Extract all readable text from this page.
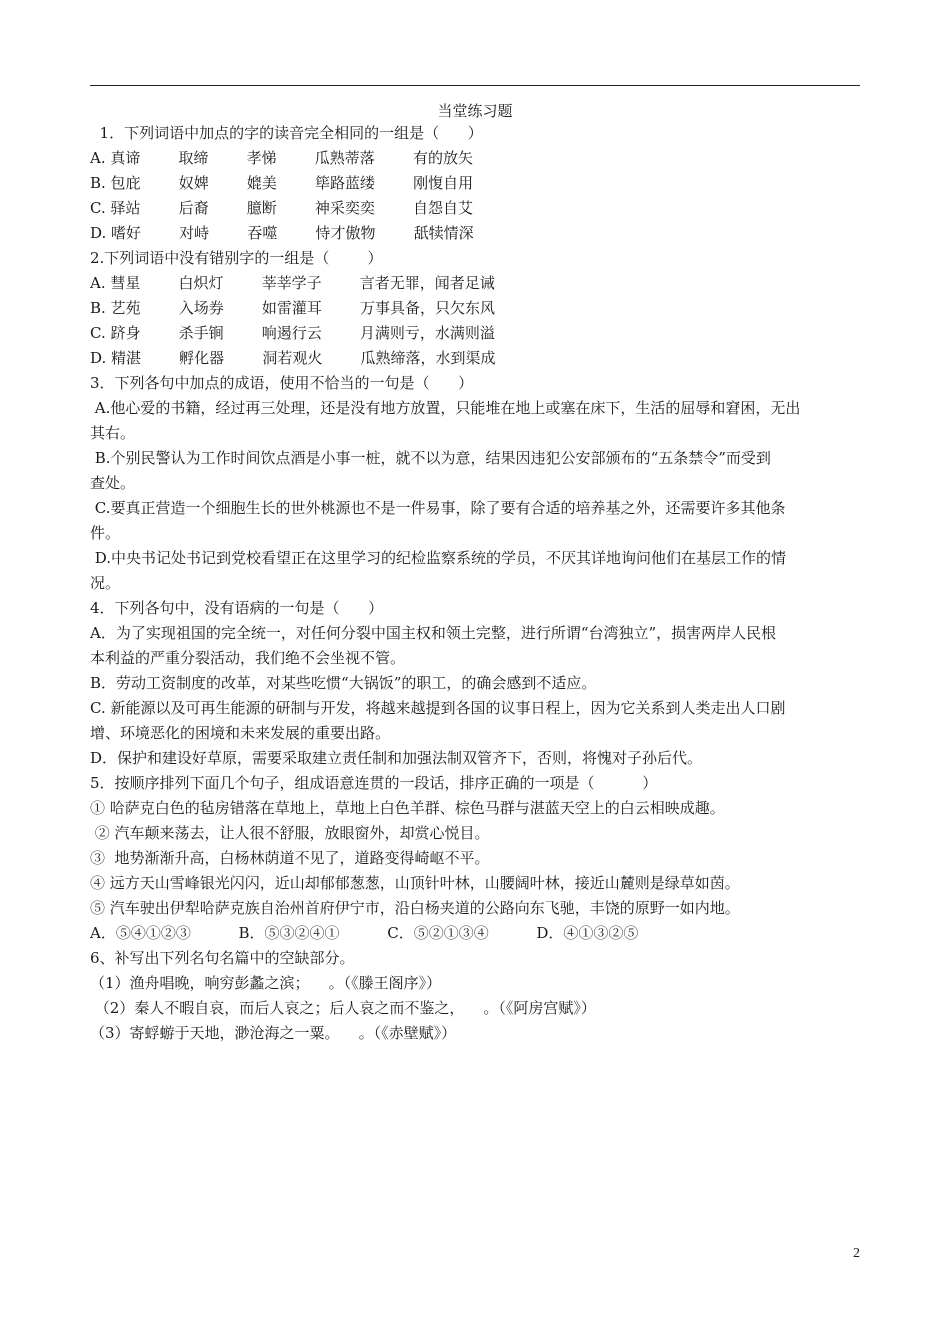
当堂练习题
1．下列词语中加点的字的读音完全相同的一组是（      ）
A. 真谛        取缔        孝悌        瓜熟蒂落        有的放矢
B. 包庇        奴婢        媲美        筚路蓝缕        刚愎自用
C. 驿站        后裔        臆断        神采奕奕        自怨自艾
D. 嗜好        对峙        吞噬        恃才傲物        舐犊情深
2.下列词语中没有错别字的一组是（        ）
A. 彗星        白炽灯        莘莘学子        言者无罪，闻者足诫
B. 艺苑        入场券        如雷灌耳        万事具备，只欠东风
C. 跻身        杀手锏        响遏行云        月满则亏，水满则溢
D. 精湛        孵化器        洞若观火        瓜熟缔落，水到渠成
3．下列各句中加点的成语，使用不恰当的一句是（      ）
A.他心爱的书籍，经过再三处理，还是没有地方放置，只能堆在地上或塞在床下，生活的屈辱和窘困，无出
其右。
B.个别民警认为工作时间饮点酒是小事一桩，就不以为意，结果因违犯公安部颁布的“五条禁令”而受到
查处。
C.要真正营造一个细胞生长的世外桃源也不是一件易事，除了要有合适的培养基之外，还需要许多其他条
件。
D.中央书记处书记到党校看望正在这里学习的纪检监察系统的学员，不厌其详地询问他们在基层工作的情
况。
4．下列各句中，没有语病的一句是（      ）
A．为了实现祖国的完全统一，对任何分裂中国主权和领土完整，进行所谓“台湾独立”，损害两岸人民根
本利益的严重分裂活动，我们绝不会坐视不管。
B．劳动工资制度的改革，对某些吃惯“大锅饭”的职工，的确会感到不适应。
C. 新能源以及可再生能源的研制与开发，将越来越提到各国的议事日程上，因为它关系到人类走出人口剧
增、环境恶化的困境和未来发展的重要出路。
D．保护和建设好草原，需要采取建立责任制和加强法制双管齐下，否则，将愧对子孙后代。
5．按顺序排列下面几个句子，组成语意连贯的一段话，排序正确的一项是（          ）
① 哈萨克白色的毡房错落在草地上，草地上白色羊群、棕色马群与湛蓝天空上的白云相映成趣。
② 汽车颠来荡去，让人很不舒服，放眼窗外，却赏心悦目。
③  地势渐渐升高，白杨林荫道不见了，道路变得崎岖不平。
④ 远方天山雪峰银光闪闪，近山却郁郁葱葱，山顶针叶林，山腰阔叶林，接近山麓则是绿草如茵。
⑤ 汽车驶出伊犁哈萨克族自治州首府伊宁市，沿白杨夹道的公路向东飞驰，丰饶的原野一如内地。
A．⑤④①②③          B．⑤③②④①          C．⑤②①③④          D．④①③②⑤
6、补写出下列名句名篇中的空缺部分。
（1）渔舟唱晚，响穷彭蠡之滨；    。（《滕王阁序》）
（2）秦人不暇自哀，而后人哀之；后人哀之而不鉴之，    。（《阿房宫赋》）
（3）寄蜉蝣于天地，渺沧海之一粟。    。（《赤壁赋》）
2
